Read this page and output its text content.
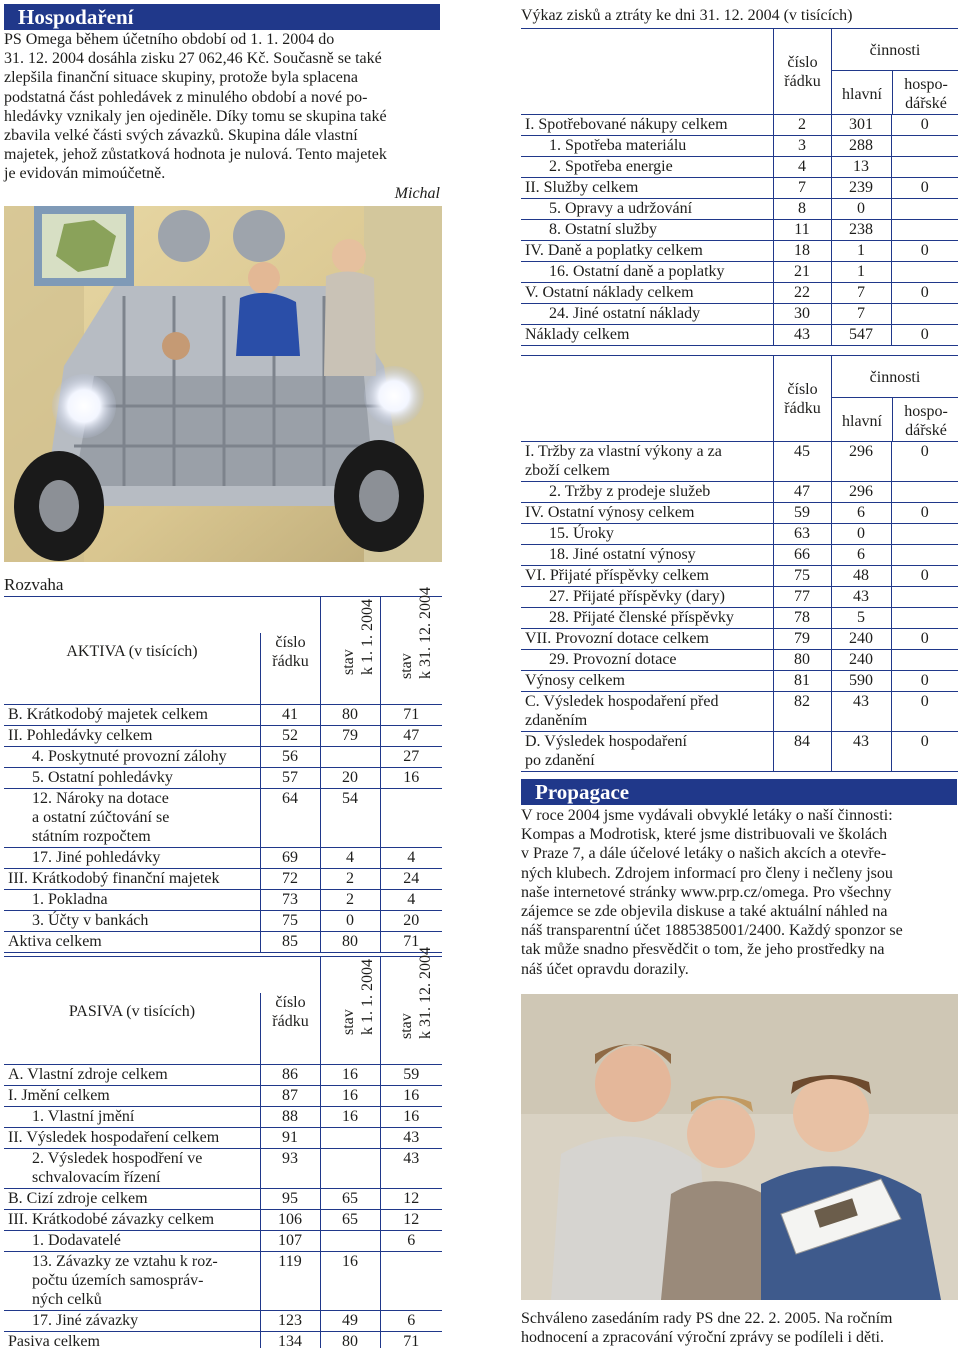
Hospodaření
PS Omega během účetního období od 1. 1. 2004 do
31. 12. 2004 dosáhla zisku 27 062,46 Kč. Současně se také
zlepšila finanční situace skupiny, protože byla splacena
podstatná část pohledávek z minulého období a nové po-
hledávky vznikaly jen ojediněle. Díky tomu se skupina také
zbavila velké části svých závazků. Skupina dále vlastní
majetek, jehož zůstatková hodnota je nulová. Tento majetek
je evidován mimoúčetně.
Michal
Rozvaha
AKTIVA (v tisících)
číslo
řádku	stav k 1. 1. 2004 stav k 31. 12. 2004
B. Krátkodobý majetek celkem	41	80	71

II. Pohledávky celkem	52	79	47

4. Poskytnuté provozní zálohy	56		27

5. Ostatní pohledávky	57	20	16

12. Nároky na dotace
a ostatní zúčtování se
státním rozpočtem	64	54	

17. Jiné pohledávky	69	4	4

III. Krátkodobý finanční majetek	72	2	24

1. Pokladna	73	2	4

3. Účty v bankách	75	0	20

Aktiva celkem	85	80	71
PASIVA (v tisících)
číslo
řádku	stav k 1. 1. 2004 stav k 31. 12. 2004
A. Vlastní zdroje celkem	86	16	59

I. Jmění celkem	87	16	16

1. Vlastní jmění	88	16	16

II. Výsledek hospodaření celkem	91		43

2. Výsledek hospodření ve
schvalovacím řízení	93		43

B. Cizí zdroje celkem	95	65	12

III. Krátkodobé závazky celkem	106	65	12

1. Dodavatelé	107		6

13. Závazky ze vztahu k roz-
počtu územích samospráv-
ných celků	119	16	

17. Jiné závazky	123	49	6

Pasiva celkem	134	80	71
Výkaz zisků a ztráty ke dni 31. 12. 2004 (v tisících)
číslo
řádku
činnosti
hlavní
hospo-
dářské
I. Spotřebované nákupy celkem	2	301	0

1. Spotřeba materiálu	3	288	

2. Spotřeba energie	4	13	

II. Služby celkem	7	239	0

5. Opravy a udržování	8	0	

8. Ostatní služby	11	238	

IV. Daně a poplatky celkem	18	1	0

16. Ostatní daně a poplatky	21	1	

V. Ostatní náklady celkem	22	7	0

24. Jiné ostatní náklady	30	7	

Náklady celkem	43	547	0
číslo
řádku
činnosti
hlavní
hospo-
dářské
I. Tržby za vlastní výkony a za
zboží celkem	45	296	0

2. Tržby z prodeje služeb	47	296	

IV. Ostatní výnosy celkem	59	6	0

15. Úroky	63	0	

18. Jiné ostatní výnosy	66	6	

VI. Přijaté příspěvky celkem	75	48	0

27. Přijaté příspěvky (dary)	77	43	

28. Přijaté členské příspěvky	78	5	

VII. Provozní dotace celkem	79	240	0

29. Provozní dotace	80	240	

Výnosy celkem	81	590	0

C. Výsledek hospodaření před
zdaněním	82	43	0

D. Výsledek hospodaření
po zdanění	84	43	0
Propagace
V roce 2004 jsme vydávali obvyklé letáky o naší činnosti:
Kompas a Modrotisk, které jsme distribuovali ve školách
v Praze 7, a dále účelové letáky o našich akcích a otevře-
ných klubech. Zdrojem informací pro členy i nečleny jsou
naše internetové stránky www.prp.cz/omega. Pro všechny
zájemce se zde objevila diskuse a také aktuální náhled na
náš transparentní účet 1885385001/2400. Každý sponzor se
tak může snadno přesvědčit o tom, že jeho prostředky na
náš účet opravdu dorazily.
Schváleno zasedáním rady PS dne 22. 2. 2005. Na ročním
hodnocení a zpracování výroční zprávy se podíleli i děti.
